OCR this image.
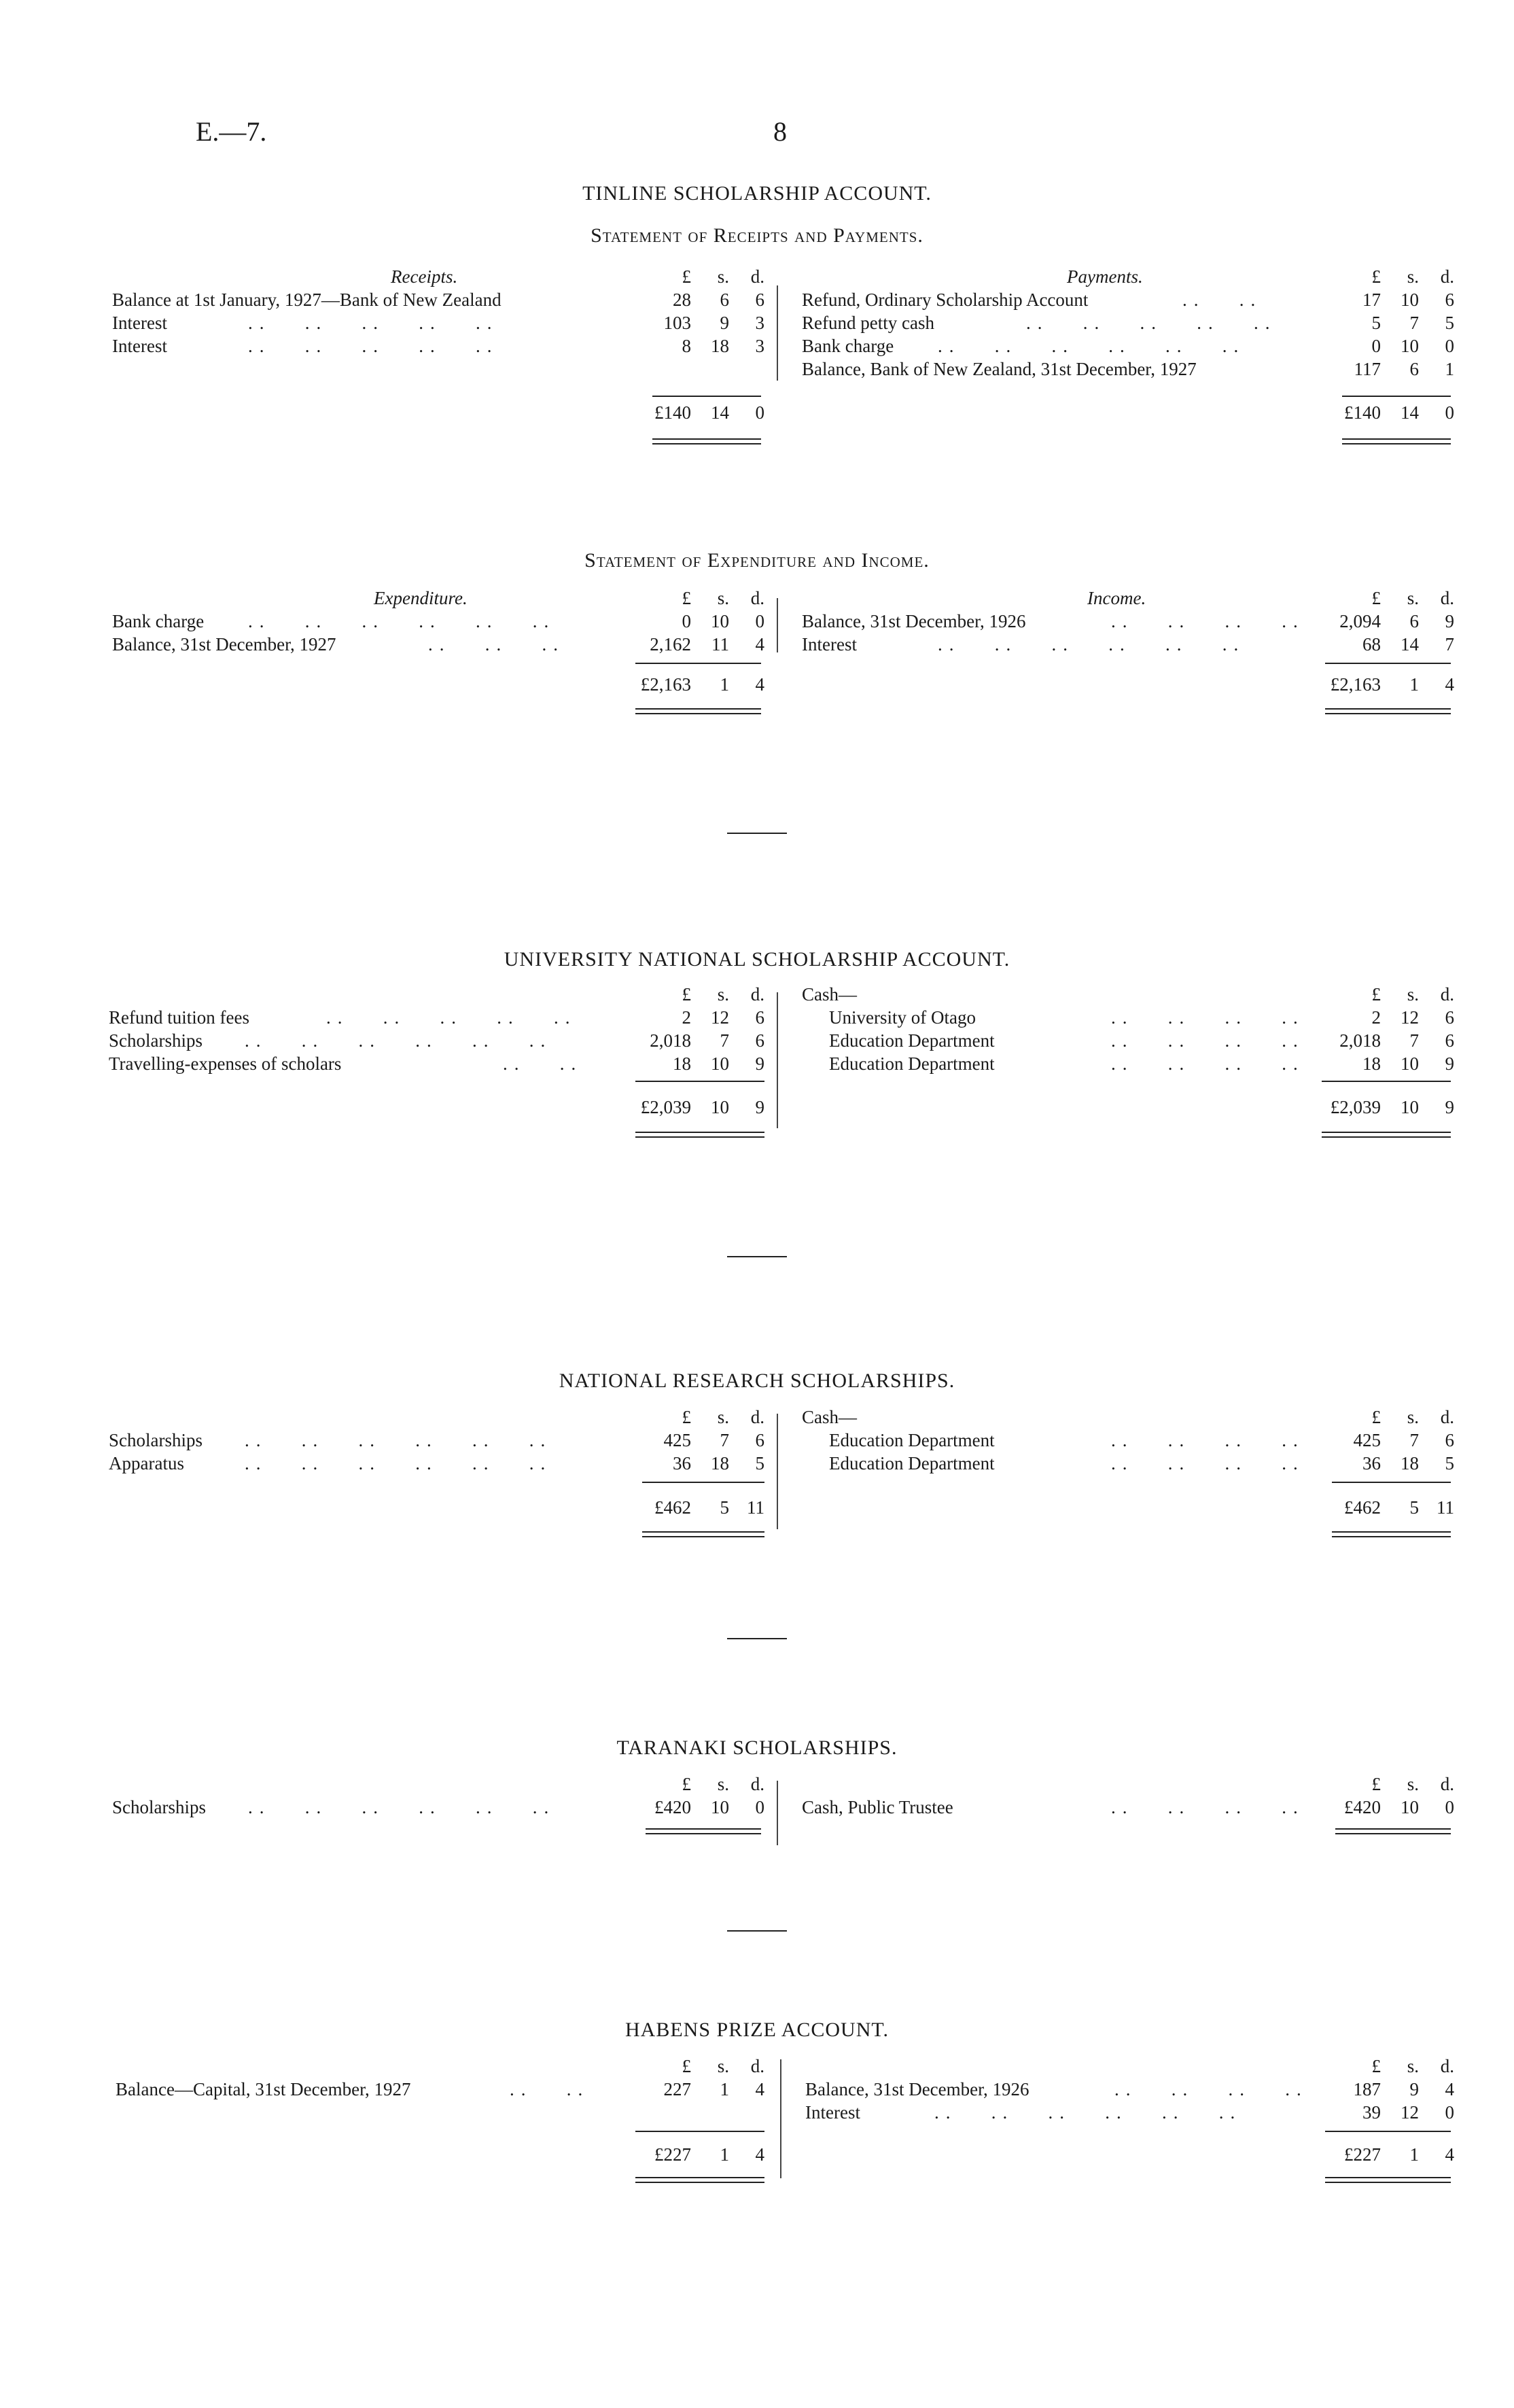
E.—7.	8
TINLINE SCHOLARSHIP ACCOUNT.
Statement of Receipts and Payments.
Receipts.	£	s.	d.
Balance at 1st January, 1927—Bank of New Zealand	28	6	6
Interest	..   ..   ..   ..   ..	103	9	3
Interest	..   ..   ..   ..   ..	8	18	3
£140	14	0
Payments.	£	s.	d.
Refund, Ordinary Scholarship Account	..   ..	17	10	6
Refund petty cash	..   ..   ..   ..   ..	5	7	5
Bank charge ..   ..   ..   ..   ..   ..	0	10	0
Balance, Bank of New Zealand, 31st December, 1927	117	6	1
£140	14	0
Statement of Expenditure and Income.
Expenditure.	£	s.	d.
Bank charge ..   ..   ..   ..   ..   ..	0	10	0
Balance, 31st December, 1927	..   ..   ..	2,162	11	4
£2,163	1	4
Income.	£	s.	d.
Balance, 31st December, 1926	..   ..   ..   ..	2,094	6	9
Interest	..   ..   ..   ..   ..   ..	68	14	7
£2,163	1	4
UNIVERSITY NATIONAL SCHOLARSHIP ACCOUNT.
£	s.	d.
Refund tuition fees	..   ..   ..   ..   ..	2	12	6
Scholarships ..   ..   ..   ..   ..   ..	2,018	7	6
Travelling-expenses of scholars	..   ..	18	10	9
£2,039	10	9
Cash—	£	s.	d.
University of Otago	..   ..   ..   ..	2	12	6
Education Department	..   ..   ..   ..	2,018	7	6
Education Department	..   ..   ..   ..	18	10	9
£2,039	10	9
NATIONAL RESEARCH SCHOLARSHIPS.
£	s.	d.
Scholarships ..   ..   ..   ..   ..   ..	425	7	6
Apparatus	..   ..   ..   ..   ..   ..	36	18	5
£462	5 11
Cash—	£	s.	d.
Education Department	..   ..   ..   ..	425	7	6
Education Department	..   ..   ..   ..	36	18	5
£462	5 11
TARANAKI SCHOLARSHIPS.
£	s.	d.
Scholarships ..   ..   ..   ..   ..   ..	£420	10	0
£	s.	d.
Cash, Public Trustee	..   ..   ..   ..	£420	10	0
HABENS PRIZE ACCOUNT.
£	s.	d.
Balance—Capital, 31st December, 1927	..   ..	227	1	4
£227	1	4
£	s.	d.
Balance, 31st December, 1926	..   ..   ..   ..	187	9	4
Interest	..   ..   ..   ..   ..   ..	39	12	0
£227	1	4
